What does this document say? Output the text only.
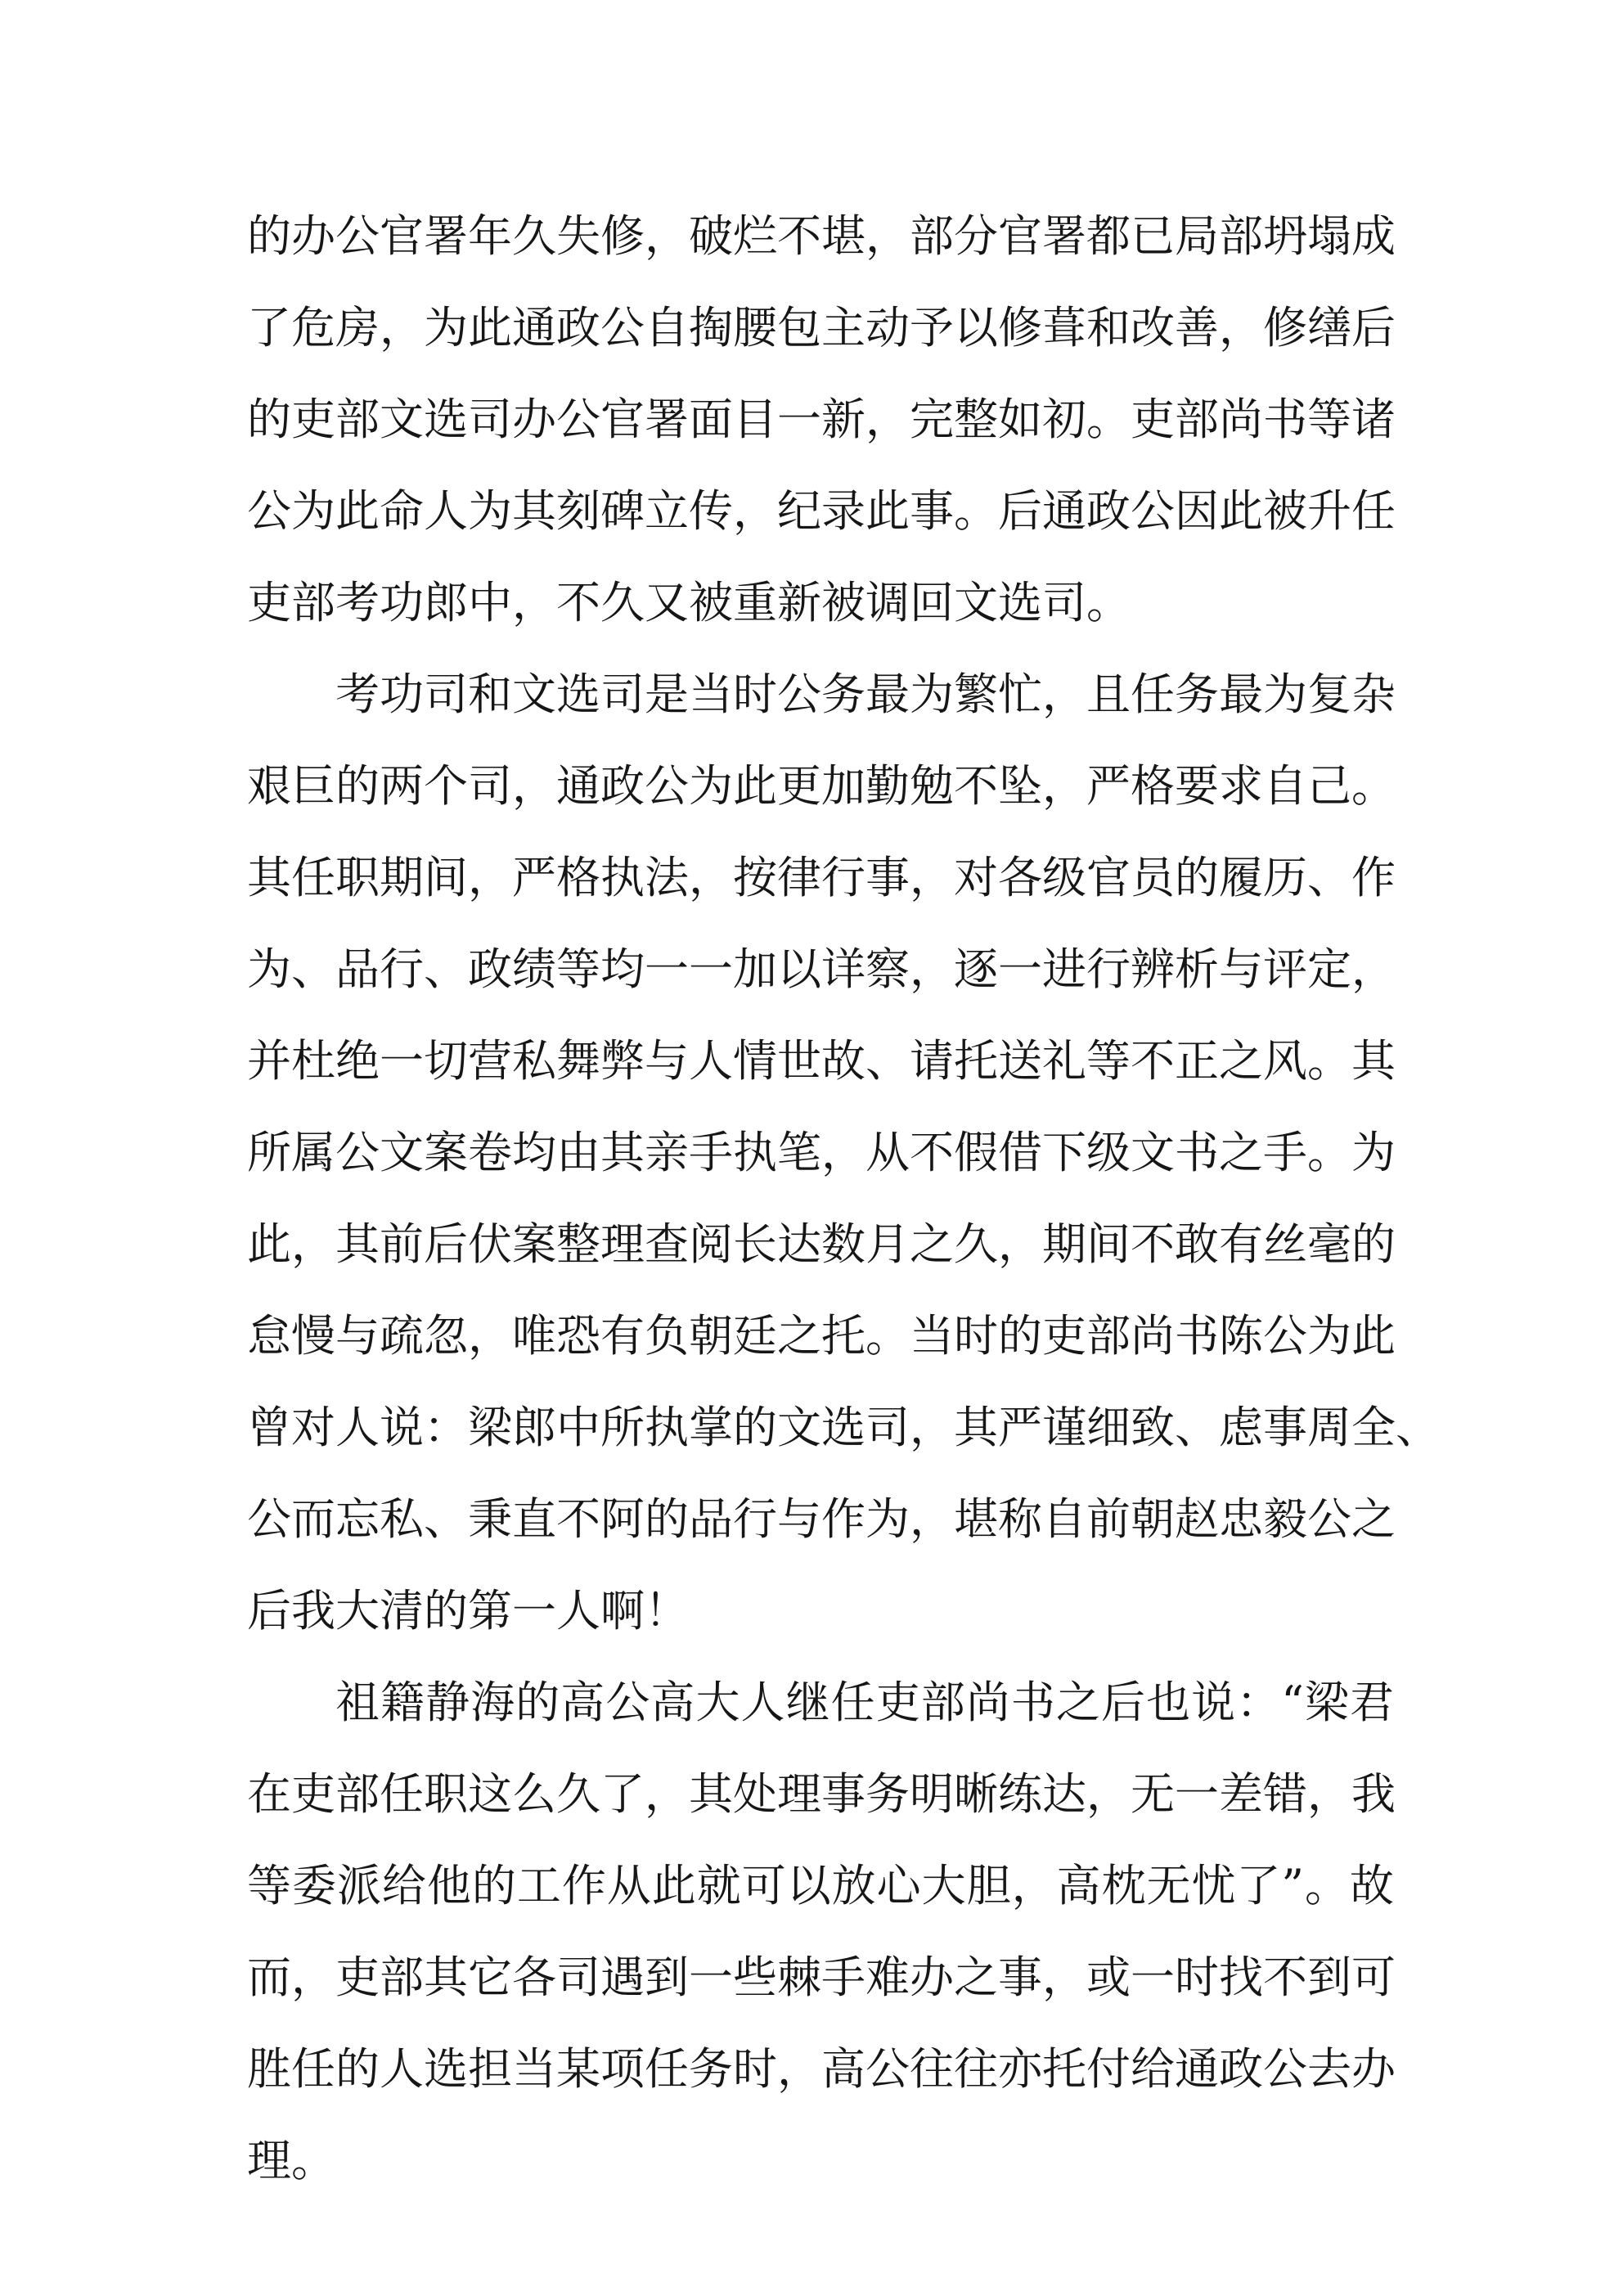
的办公官署年久失修，破烂不堪，部分官署都已局部坍塌成
了危房，为此通政公自掏腰包主动予以修葺和改善，修缮后
的吏部文选司办公官署面目一新，完整如初。吏部尚书等诸
公为此命人为其刻碑立传，纪录此事。后通政公因此被升任
吏部考功郎中，不久又被重新被调回文选司。
考功司和文选司是当时公务最为繁忙，且任务最为复杂
艰巨的两个司，通政公为此更加勤勉不坠，严格要求自己。
其任职期间，严格执法，按律行事，对各级官员的履历、作
为、品行、政绩等均一一加以详察，逐一进行辨析与评定，
并杜绝一切营私舞弊与人情世故、请托送礼等不正之风。其
所属公文案卷均由其亲手执笔，从不假借下级文书之手。为
此，其前后伏案整理查阅长达数月之久，期间不敢有丝毫的
怠慢与疏忽，唯恐有负朝廷之托。当时的吏部尚书陈公为此
曾对人说：梁郎中所执掌的文选司，其严谨细致、虑事周全、
公而忘私、秉直不阿的品行与作为，堪称自前朝赵忠毅公之
后我大清的第一人啊！
祖籍静海的高公高大人继任吏部尚书之后也说：“梁君
在吏部任职这么久了，其处理事务明晰练达，无一差错，我
等委派给他的工作从此就可以放心大胆，高枕无忧了”。故
而，吏部其它各司遇到一些棘手难办之事，或一时找不到可
胜任的人选担当某项任务时，高公往往亦托付给通政公去办
理。
